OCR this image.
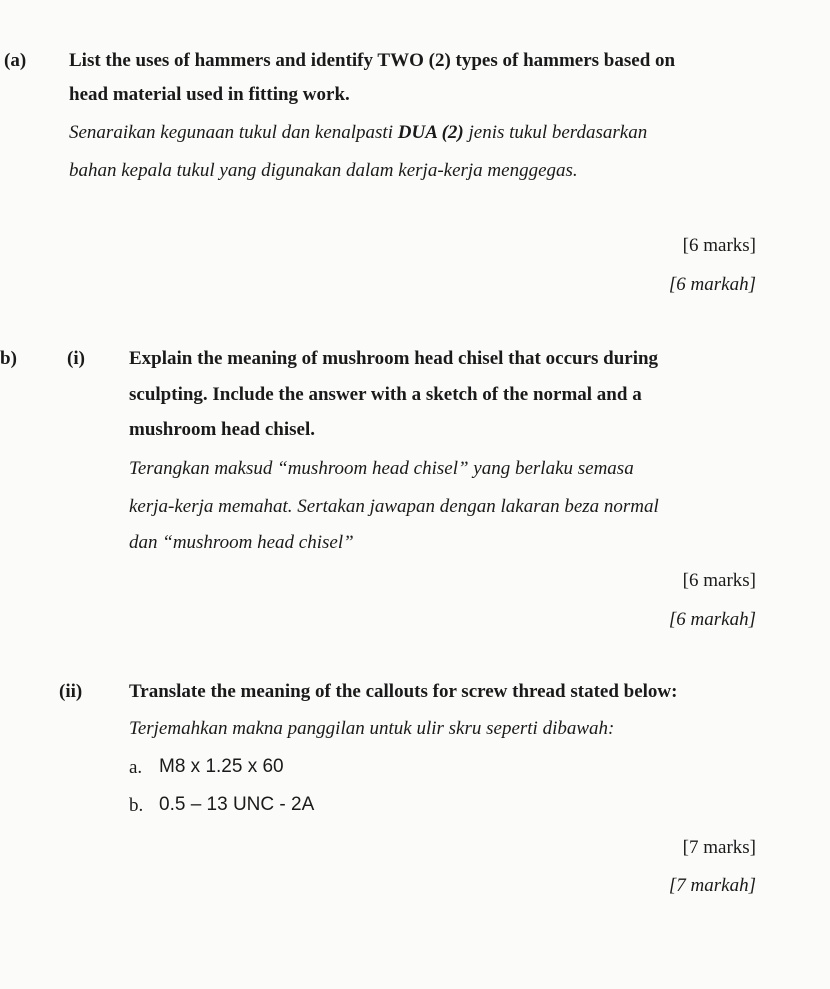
(a) List the uses of hammers and identify TWO (2) types of hammers based on
head material used in fitting work.
Senaraikan kegunaan tukul dan kenalpasti DUA (2) jenis tukul berdasarkan
bahan kepala tukul yang digunakan dalam kerja-kerja menggegas.
[6 marks]
[6 markah]
b)	(i) Explain the meaning of mushroom head chisel that occurs during
sculpting. Include the answer with a sketch of the normal and a
mushroom head chisel.
Terangkan maksud “mushroom head chisel” yang berlaku semasa
kerja-kerja memahat. Sertakan jawapan dengan lakaran beza normal
dan “mushroom head chisel”
[6 marks]
[6 markah]
(ii) Translate the meaning of the callouts for screw thread stated below:
Terjemahkan makna panggilan untuk ulir skru seperti dibawah:
a. M8 x 1.25 x 60
b. 0.5 – 13 UNC - 2A
[7 marks]
[7 markah]
